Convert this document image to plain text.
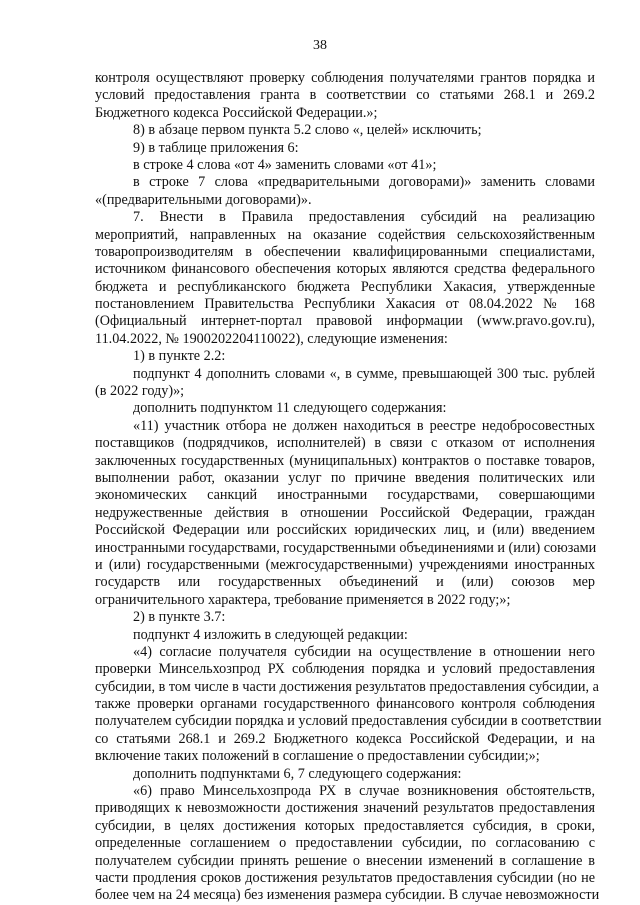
38
контроля осуществляют проверку соблюдения получателями грантов порядка и
условий предоставления гранта в соответствии со статьями 268.1 и 269.2
Бюджетного кодекса Российской Федерации.»;
8) в абзаце первом пункта 5.2 слово «, целей» исключить;
9) в таблице приложения 6:
в строке 4 слова «от 4» заменить словами «от 41»;
в строке 7 слова «предварительными договорами)» заменить словами
«(предварительными договорами)».
7. Внести в Правила предоставления субсидий на реализацию
мероприятий, направленных на оказание содействия сельскохозяйственным
товаропроизводителям в обеспечении квалифицированными специалистами,
источником финансового обеспечения которых являются средства федерального
бюджета и республиканского бюджета Республики Хакасия, утвержденные
постановлением Правительства Республики Хакасия от 08.04.2022 № 168
(Официальный интернет-портал правовой информации (www.pravo.gov.ru),
11.04.2022, № 1900202204110022), следующие изменения:
1) в пункте 2.2:
подпункт 4 дополнить словами «, в сумме, превышающей 300 тыс. рублей
(в 2022 году)»;
дополнить подпунктом 11 следующего содержания:
«11) участник отбора не должен находиться в реестре недобросовестных
поставщиков (подрядчиков, исполнителей) в связи с отказом от исполнения
заключенных государственных (муниципальных) контрактов о поставке товаров,
выполнении работ, оказании услуг по причине введения политических или
экономических санкций иностранными государствами, совершающими
недружественные действия в отношении Российской Федерации, граждан
Российской Федерации или российских юридических лиц, и (или) введением
иностранными государствами, государственными объединениями и (или) союзами
и (или) государственными (межгосударственными) учреждениями иностранных
государств или государственных объединений и (или) союзов мер
ограничительного характера, требование применяется в 2022 году;»;
2) в пункте 3.7:
подпункт 4 изложить в следующей редакции:
«4) согласие получателя субсидии на осуществление в отношении него
проверки Минсельхозпрод РХ соблюдения порядка и условий предоставления
субсидии, в том числе в части достижения результатов предоставления субсидии, а
также проверки органами государственного финансового контроля соблюдения
получателем субсидии порядка и условий предоставления субсидии в соответствии
со статьями 268.1 и 269.2 Бюджетного кодекса Российской Федерации, и на
включение таких положений в соглашение о предоставлении субсидии;»;
дополнить подпунктами 6, 7 следующего содержания:
«6) право Минсельхозпрода РХ в случае возникновения обстоятельств,
приводящих к невозможности достижения значений результатов предоставления
субсидии, в целях достижения которых предоставляется субсидия, в сроки,
определенные соглашением о предоставлении субсидии, по согласованию с
получателем субсидии принять решение о внесении изменений в соглашение в
части продления сроков достижения результатов предоставления субсидии (но не
более чем на 24 месяца) без изменения размера субсидии. В случае невозможности
